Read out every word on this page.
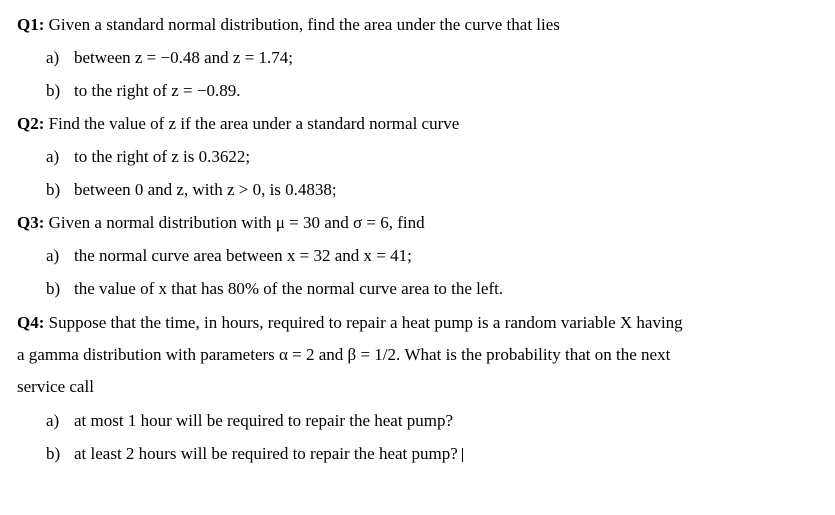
Q1: Given a standard normal distribution, find the area under the curve that lies
a) between z = −0.48 and z = 1.74;
b) to the right of z = −0.89.
Q2: Find the value of z if the area under a standard normal curve
a) to the right of z is 0.3622;
b) between 0 and z, with z > 0, is 0.4838;
Q3: Given a normal distribution with μ = 30 and σ = 6, find
a) the normal curve area between x = 32 and x = 41;
b) the value of x that has 80% of the normal curve area to the left.
Q4: Suppose that the time, in hours, required to repair a heat pump is a random variable X having
a gamma distribution with parameters α = 2 and β = 1/2. What is the probability that on the next
service call
a) at most 1 hour will be required to repair the heat pump?
b) at least 2 hours will be required to repair the heat pump?
